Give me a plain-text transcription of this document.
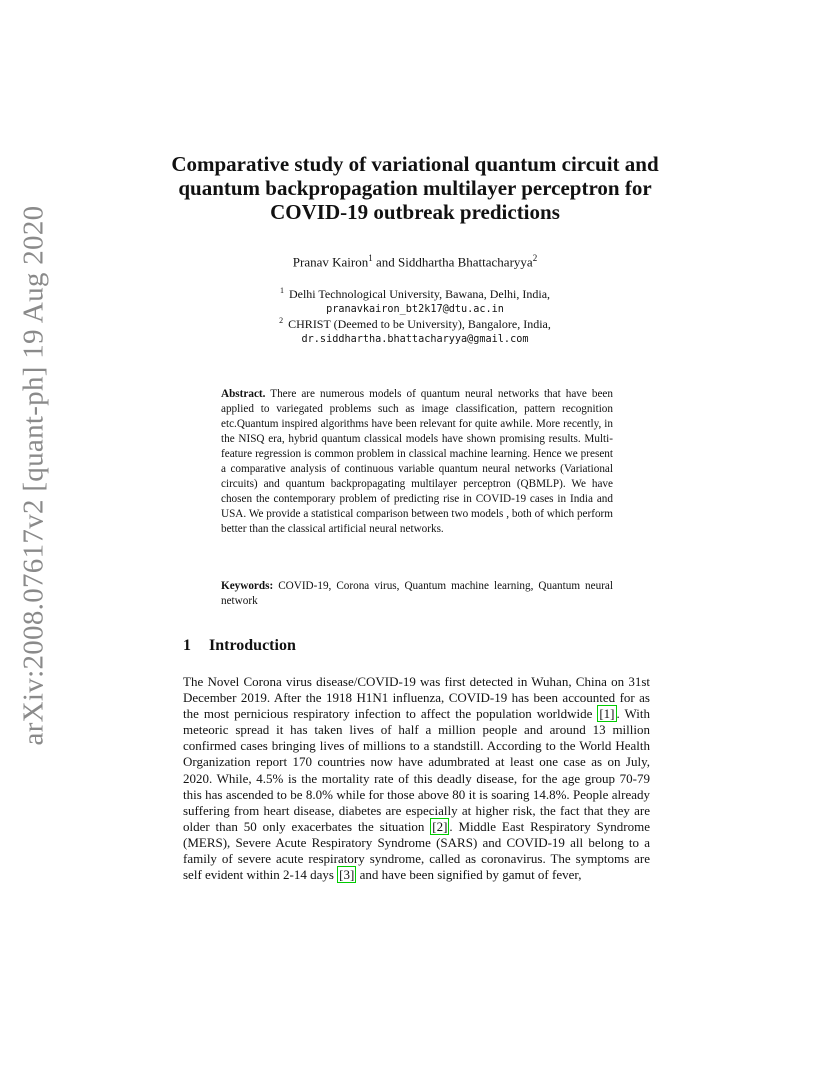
arXiv:2008.07617v2 [quant-ph] 19 Aug 2020
Comparative study of variational quantum circuit and quantum backpropagation multilayer perceptron for COVID-19 outbreak predictions
Pranav Kairon$^1$ and Siddhartha Bhattacharyya$^2$
$^1$ Delhi Technological University, Bawana, Delhi, India,
pranavkairon_bt2k17@dtu.ac.in
$^2$ CHRIST (Deemed to be University), Bangalore, India,
dr.siddhartha.bhattacharyya@gmail.com
Abstract. There are numerous models of quantum neural networks that have been applied to variegated problems such as image classification, pattern recognition etc.Quantum inspired algorithms have been relevant for quite awhile. More recently, in the NISQ era, hybrid quantum classical models have shown promising results. Multi-feature regression is common problem in classical machine learning. Hence we present a comparative analysis of continuous variable quantum neural networks (Variational circuits) and quantum backpropagating multilayer perceptron (QBMLP). We have chosen the contemporary problem of predicting rise in COVID-19 cases in India and USA. We provide a statistical comparison between two models , both of which perform better than the classical artificial neural networks.
Keywords: COVID-19, Corona virus, Quantum machine learning, Quantum neural network
1 Introduction
The Novel Corona virus disease/COVID-19 was first detected in Wuhan, China on 31st December 2019. After the 1918 H1N1 influenza, COVID-19 has been accounted for as the most pernicious respiratory infection to affect the population worldwide [1] . With meteoric spread it has taken lives of half a million people and around 13 million confirmed cases bringing lives of millions to a standstill. According to the World Health Organization report 170 countries now have adumbrated at least one case as on July, 2020. While, 4.5% is the mortality rate of this deadly disease, for the age group 70-79 this has ascended to be 8.0% while for those above 80 it is soaring 14.8%. People already suffering from heart disease, diabetes are especially at higher risk, the fact that they are older than 50 only exacerbates the situation [2] . Middle East Respiratory Syndrome (MERS), Severe Acute Respiratory Syndrome (SARS) and COVID-19 all belong to a family of severe acute respiratory syndrome, called as coronavirus. The symptoms are self evident within 2-14 days [3] and have been signified by gamut of fever,
